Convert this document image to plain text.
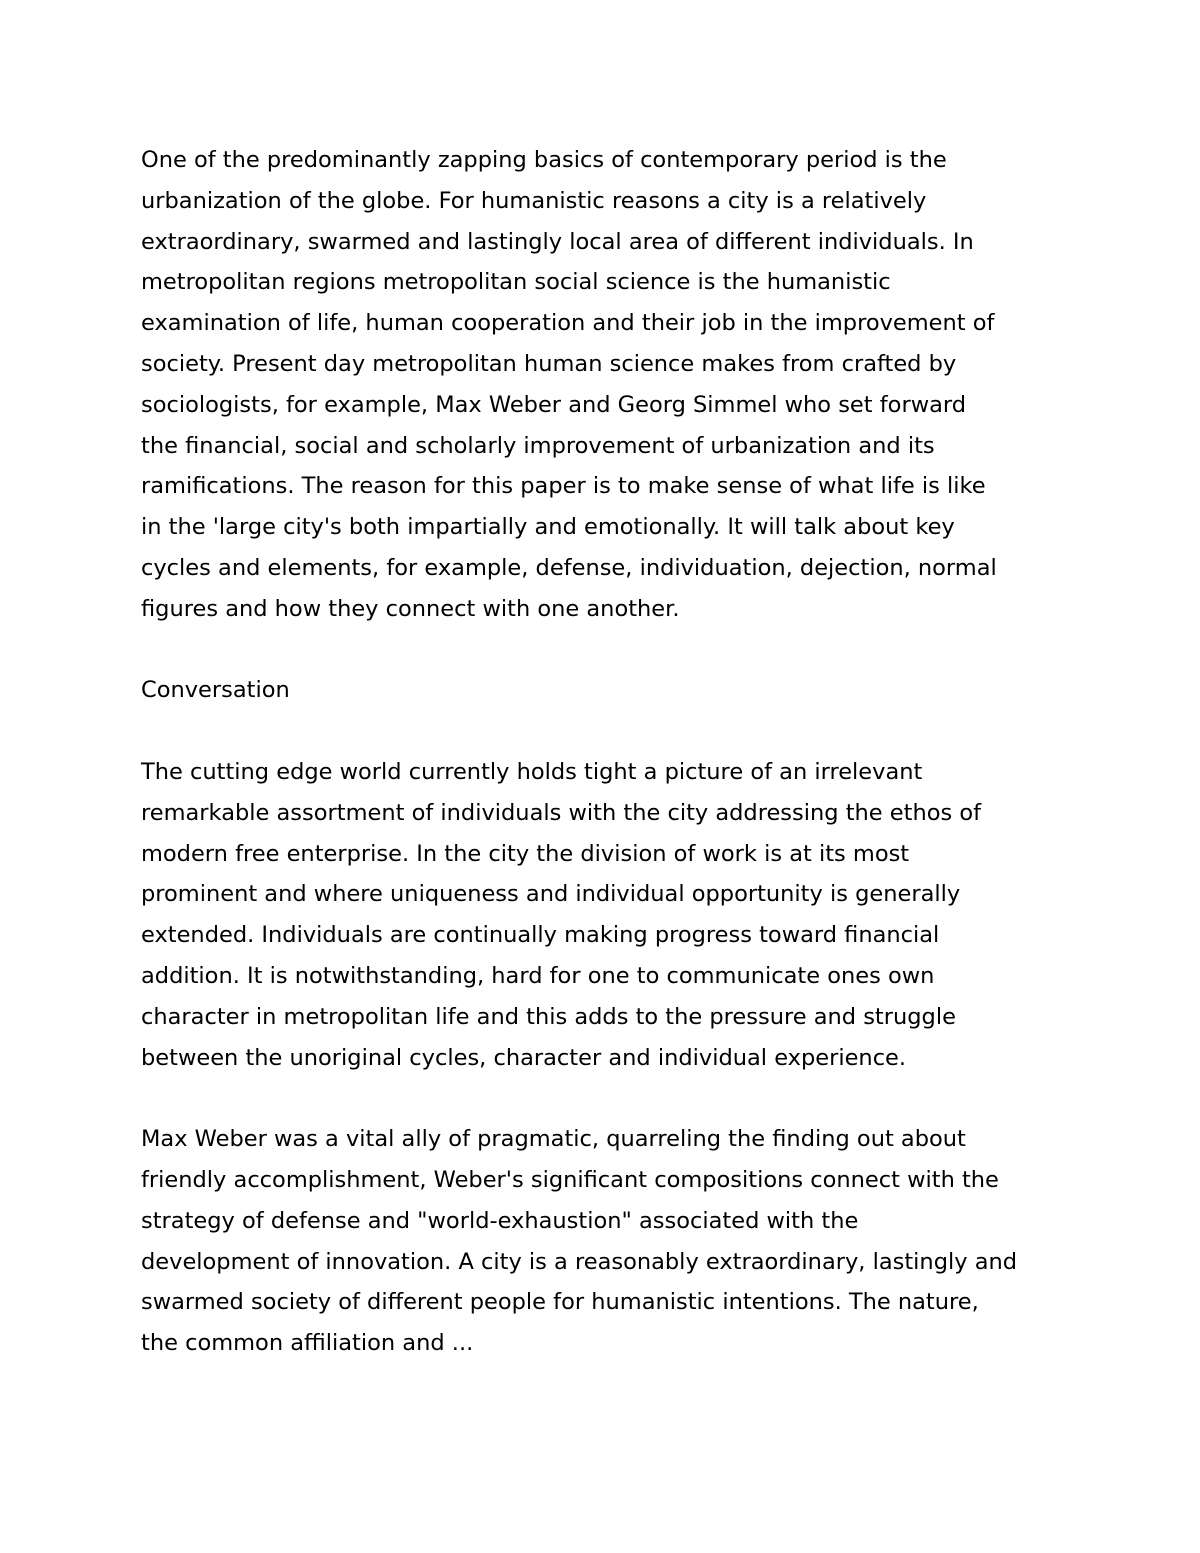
One of the predominantly zapping basics of contemporary period is the
urbanization of the globe. For humanistic reasons a city is a relatively
extraordinary, swarmed and lastingly local area of different individuals. In
metropolitan regions metropolitan social science is the humanistic
examination of life, human cooperation and their job in the improvement of
society. Present day metropolitan human science makes from crafted by
sociologists, for example, Max Weber and Georg Simmel who set forward
the financial, social and scholarly improvement of urbanization and its
ramifications. The reason for this paper is to make sense of what life is like
in the 'large city's both impartially and emotionally. It will talk about key
cycles and elements, for example, defense, individuation, dejection, normal
figures and how they connect with one another.
Conversation
The cutting edge world currently holds tight a picture of an irrelevant
remarkable assortment of individuals with the city addressing the ethos of
modern free enterprise. In the city the division of work is at its most
prominent and where uniqueness and individual opportunity is generally
extended. Individuals are continually making progress toward financial
addition. It is notwithstanding, hard for one to communicate ones own
character in metropolitan life and this adds to the pressure and struggle
between the unoriginal cycles, character and individual experience.
Max Weber was a vital ally of pragmatic, quarreling the finding out about
friendly accomplishment, Weber's significant compositions connect with the
strategy of defense and "world-exhaustion" associated with the
development of innovation. A city is a reasonably extraordinary, lastingly and
swarmed society of different people for humanistic intentions. The nature,
the common affiliation and ...
